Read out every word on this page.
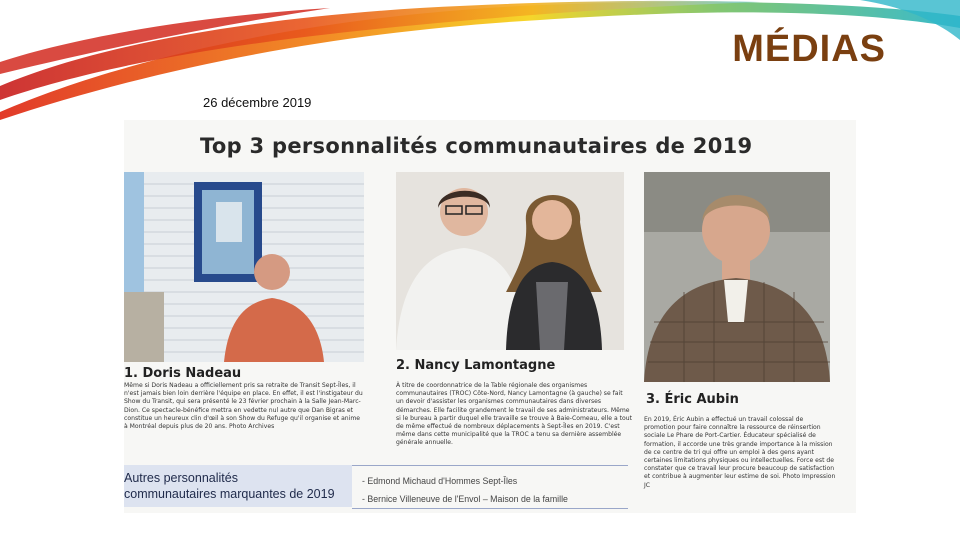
MÉDIAS
26 décembre 2019
Top 3 personnalités communautaires de 2019
1. Doris Nadeau
Même si Doris Nadeau a officiellement pris sa retraite de Transit Sept-Îles, il n'est jamais bien loin derrière l'équipe en place. En effet, il est l'instigateur du Show du Transit, qui sera présenté le 23 février prochain à la Salle Jean-Marc-Dion. Ce spectacle-bénéfice mettra en vedette nul autre que Dan Bigras et constitue un heureux clin d'œil à son Show du Refuge qu'il organise et anime à Montréal depuis plus de 20 ans. Photo Archives
2. Nancy Lamontagne
À titre de coordonnatrice de la Table régionale des organismes communautaires (TROC) Côte-Nord, Nancy Lamontagne (à gauche) se fait un devoir d'assister les organismes communautaires dans diverses démarches. Elle facilite grandement le travail de ses administrateurs. Même si le bureau à partir duquel elle travaille se trouve à Baie-Comeau, elle a tout de même effectué de nombreux déplacements à Sept-Îles en 2019. C'est même dans cette municipalité que la TROC a tenu sa dernière assemblée générale annuelle.
3. Éric Aubin
En 2019, Éric Aubin a effectué un travail colossal de promotion pour faire connaître la ressource de réinsertion sociale Le Phare de Port-Cartier. Éducateur spécialisé de formation, il accorde une très grande importance à la mission de ce centre de tri qui offre un emploi à des gens ayant certaines limitations physiques ou intellectuelles. Force est de constater que ce travail leur procure beaucoup de satisfaction et contribue à augmenter leur estime de soi. Photo Impression JC
Autres personnalités
communautaires marquantes de 2019
- Edmond Michaud d'Hommes Sept-Îles
- Bernice Villeneuve de l'Envol – Maison de la famille
